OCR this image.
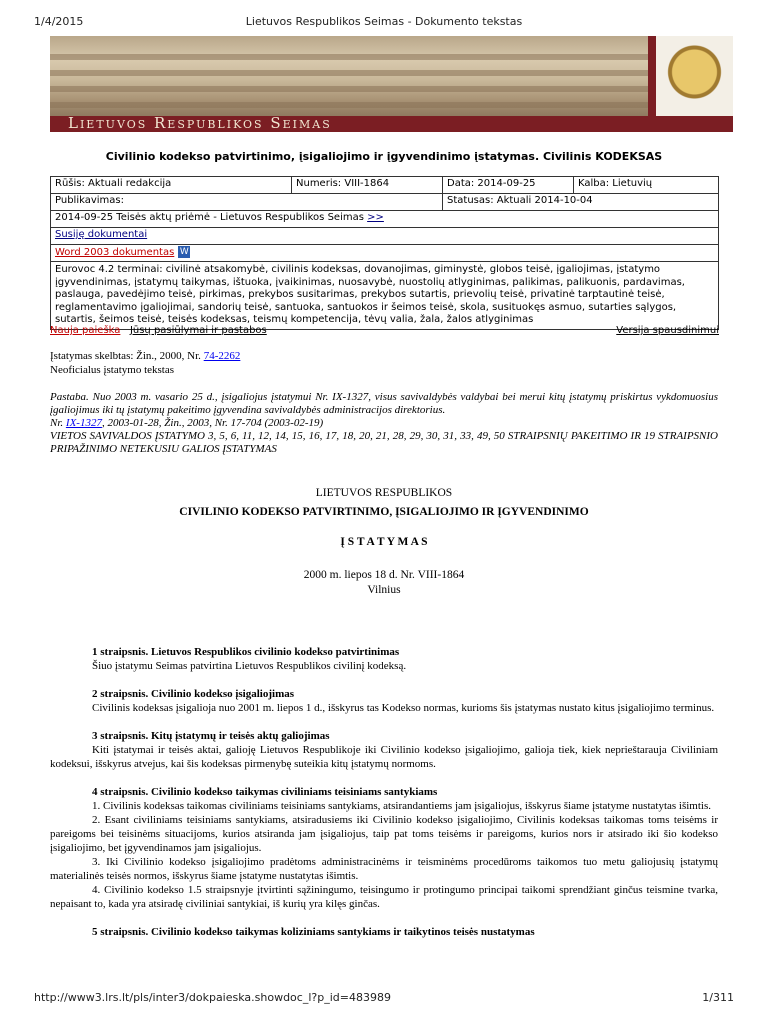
1/4/2015	Lietuvos Respublikos Seimas - Dokumento tekstas
Lietuvos Respublikos Seimas
Civilinio kodekso patvirtinimo, įsigaliojimo ir įgyvendinimo įstatymas. Civilinis KODEKSAS
Rūšis: Aktuali redakcija	Numeris: VIII-1864	Data: 2014-09-25	Kalba: Lietuvių
Publikavimas:		Statusas: Aktuali 2014-10-04	
2014-09-25 Teisės aktų priėmė - Lietuvos Respublikos Seimas >>			
Susiję dokumentai			
Word 2003 dokumentas W			
Eurovoc 4.2 terminai: civilinė atsakomybė, civilinis kodeksas, dovanojimas, giminystė, globos teisė, įgaliojimas, įstatymo įgyvendinimas, įstatymų taikymas, ištuoka, įvaikinimas, nuosavybė, nuostolių atlyginimas, palikimas, palikuonis, pardavimas, paslauga, pavedėjimo teisė, pirkimas, prekybos susitarimas, prekybos sutartis, prievolių teisė, privatinė tarptautinė teisė, reglamentavimo įgaliojimai, sandorių teisė, santuoka, santuokos ir šeimos teisė, skola, susituokęs asmuo, sutarties sąlygos, sutartis, šeimos teisė, teisės kodeksas, teismų kompetencija, tėvų valia, žala, žalos atlyginimas			
Nauja paieška Jūsų pasiūlymai ir pastabos	Versija spausdinimui
Įstatymas skelbtas: Žin., 2000, Nr. 74-2262
Neoficialus įstatymo tekstas
Pastaba. Nuo 2003 m. vasario 25 d., įsigaliojus įstatymui Nr. IX-1327, visus savivaldybės valdybai bei merui kitų įstatymų priskirtus vykdomuosius įgaliojimus iki tų įstatymų pakeitimo įgyvendina savivaldybės administracijos direktorius.
Nr. IX-1327, 2003-01-28, Žin., 2003, Nr. 17-704 (2003-02-19)
VIETOS SAVIVALDOS ĮSTATYMO 3, 5, 6, 11, 12, 14, 15, 16, 17, 18, 20, 21, 28, 29, 30, 31, 33, 49, 50 STRAIPSNIŲ PAKEITIMO IR 19 STRAIPSNIO PRIPAŽINIMO NETEKUSIU GALIOS ĮSTATYMAS
LIETUVOS RESPUBLIKOS
CIVILINIO KODEKSO PATVIRTINIMO, ĮSIGALIOJIMO IR ĮGYVENDINIMO
Į S T A T Y M A S
2000 m. liepos 18 d. Nr. VIII-1864
Vilnius
1 straipsnis. Lietuvos Respublikos civilinio kodekso patvirtinimas

Šiuo įstatymu Seimas patvirtina Lietuvos Respublikos civilinį kodeksą.

2 straipsnis. Civilinio kodekso įsigaliojimas

Civilinis kodeksas įsigalioja nuo 2001 m. liepos 1 d., išskyrus tas Kodekso normas, kurioms šis įstatymas nustato kitus įsigaliojimo terminus.

3 straipsnis. Kitų įstatymų ir teisės aktų galiojimas

Kiti įstatymai ir teisės aktai, galioję Lietuvos Respublikoje iki Civilinio kodekso įsigaliojimo, galioja tiek, kiek neprieštarauja Civiliniam kodeksui, išskyrus atvejus, kai šis kodeksas pirmenybę suteikia kitų įstatymų normoms.

4 straipsnis. Civilinio kodekso taikymas civiliniams teisiniams santykiams

1. Civilinis kodeksas taikomas civiliniams teisiniams santykiams, atsirandantiems jam įsigaliojus, išskyrus šiame įstatyme nustatytas išimtis.

2. Esant civiliniams teisiniams santykiams, atsiradusiems iki Civilinio kodekso įsigaliojimo, Civilinis kodeksas taikomas toms teisėms ir pareigoms bei teisinėms situacijoms, kurios atsiranda jam įsigaliojus, taip pat toms teisėms ir pareigoms, kurios nors ir atsirado iki šio kodekso įsigaliojimo, bet įgyvendinamos jam įsigaliojus.

3. Iki Civilinio kodekso įsigaliojimo pradėtoms administracinėms ir teisminėms procedūroms taikomos tuo metu galiojusių įstatymų materialinės teisės normos, išskyrus šiame įstatyme nustatytas išimtis.

4. Civilinio kodekso 1.5 straipsnyje įtvirtinti sąžiningumo, teisingumo ir protingumo principai taikomi sprendžiant ginčus teismine tvarka, nepaisant to, kada yra atsiradę civiliniai santykiai, iš kurių yra kilęs ginčas.

5 straipsnis. Civilinio kodekso taikymas koliziniams santykiams ir taikytinos teisės nustatymas
http://www3.lrs.lt/pls/inter3/dokpaieska.showdoc_l?p_id=483989	1/311
